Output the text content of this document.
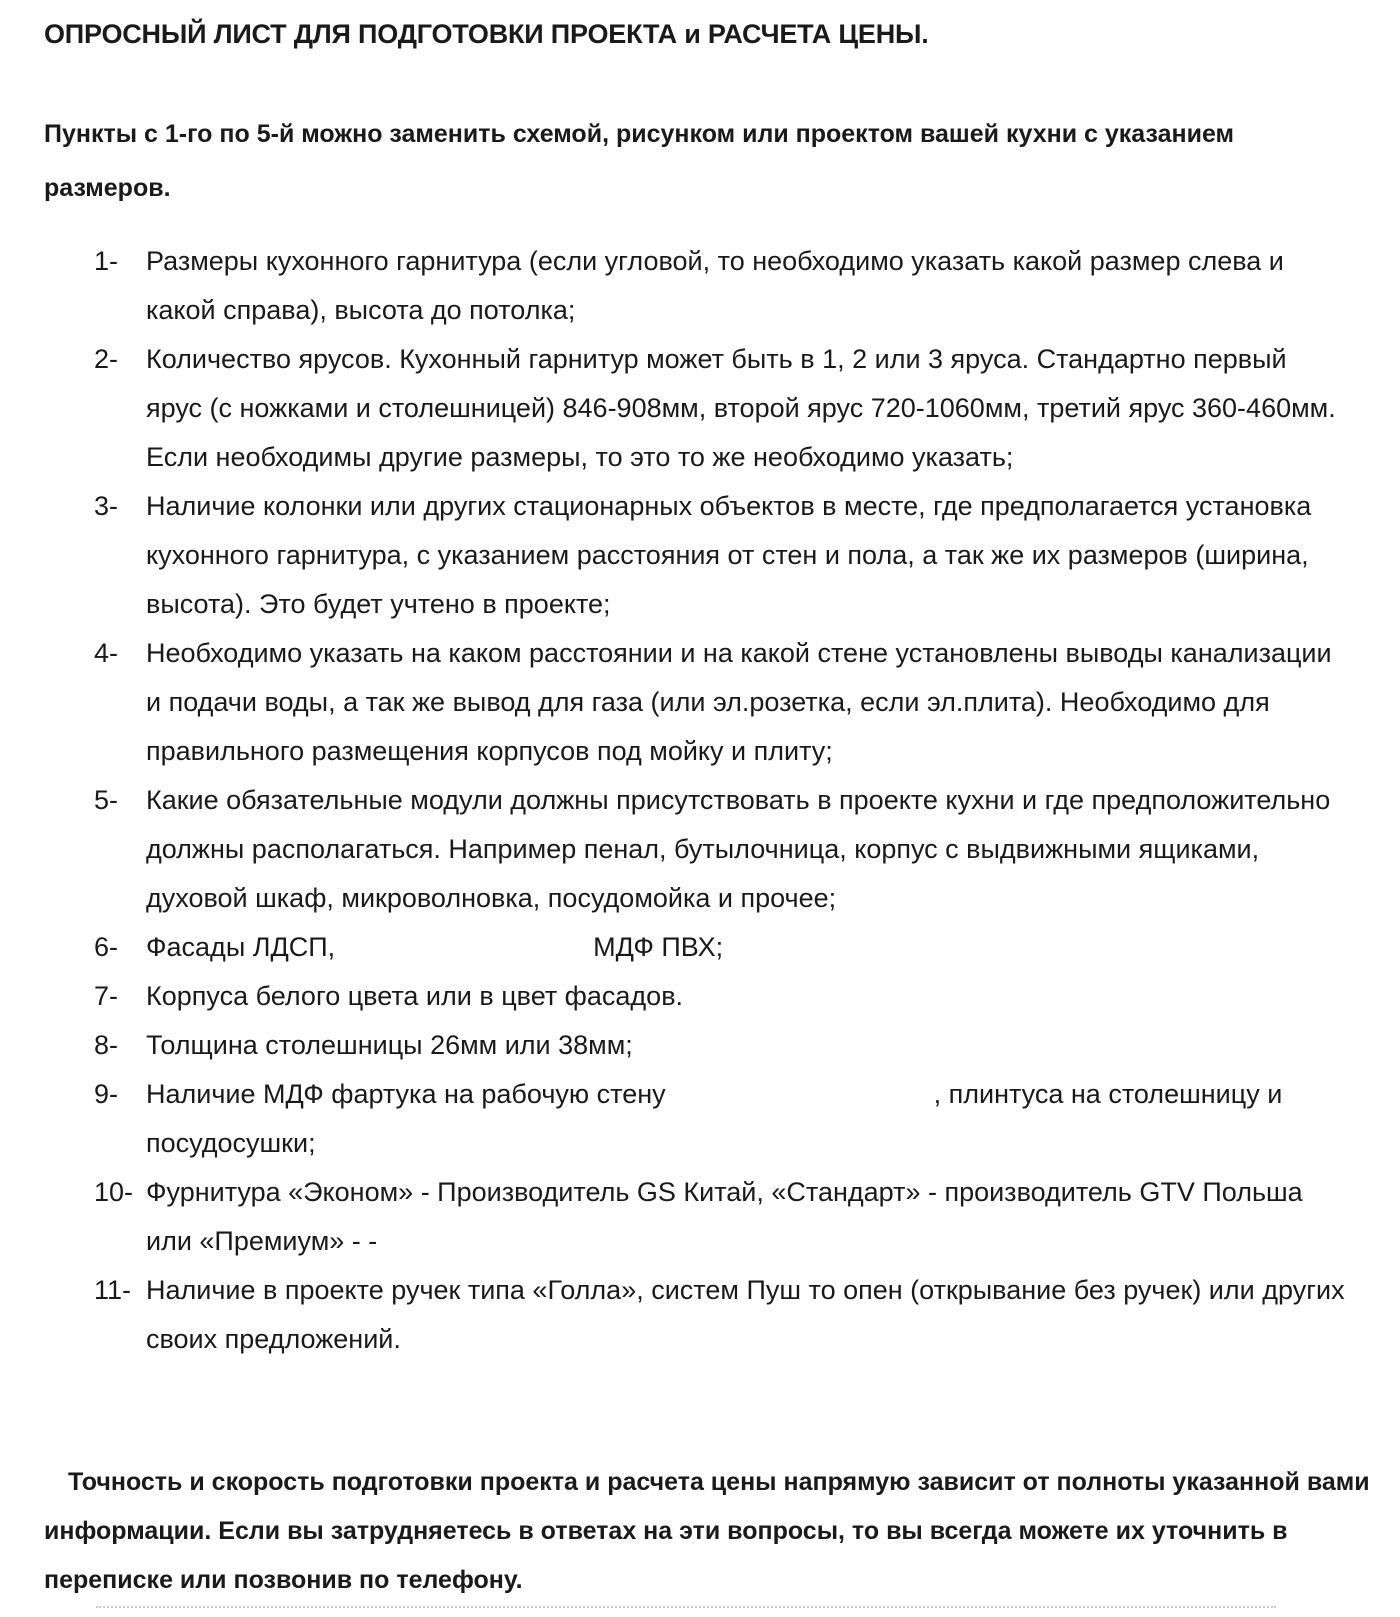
ОПРОСНЫЙ ЛИСТ ДЛЯ ПОДГОТОВКИ ПРОЕКТА и РАСЧЕТА ЦЕНЫ.
Пункты с 1-го по 5-й можно заменить схемой, рисунком или проектом вашей кухни с указанием размеров.
1- Размеры кухонного гарнитура (если угловой, то необходимо указать какой размер слева и какой справа), высота до потолка;
2- Количество ярусов. Кухонный гарнитур может быть в 1, 2 или 3 яруса. Стандартно первый ярус (с ножками и столешницей) 846-908мм, второй ярус 720-1060мм, третий ярус 360-460мм. Если необходимы другие размеры, то это то же необходимо указать;
3- Наличие колонки или других стационарных объектов в месте, где предполагается установка кухонного гарнитура, с указанием расстояния от стен и пола, а так же их размеров (ширина, высота). Это будет учтено в проекте;
4- Необходимо указать на каком расстоянии и на какой стене установлены выводы канализации и подачи воды, а так же вывод для газа (или эл.розетка, если эл.плита). Необходимо для правильного размещения корпусов под мойку и плиту;
5- Какие обязательные модули должны присутствовать в проекте кухни и где предположительно должны располагаться. Например пенал, бутылочница, корпус с выдвижными ящиками, духовой шкаф, микроволновка, посудомойка и прочее;
6- Фасады ЛДСП,	МДФ ПВХ;
7- Корпуса белого цвета или в цвет фасадов.
8- Толщина столешницы 26мм или 38мм;
9- Наличие МДФ фартука на рабочую стену	, плинтуса на столешницу и посудосушки;
10- Фурнитура «Эконом» - Производитель GS Китай, «Стандарт» - производитель GTV Польша или «Премиум» - -
11- Наличие в проекте ручек типа «Голла», систем Пуш то опен (открывание без ручек) или других своих предложений.
Точность и скорость подготовки проекта и расчета цены напрямую зависит от полноты указанной вами информации. Если вы затрудняетесь в ответах на эти вопросы, то вы всегда можете их уточнить в переписке или позвонив по телефону.
